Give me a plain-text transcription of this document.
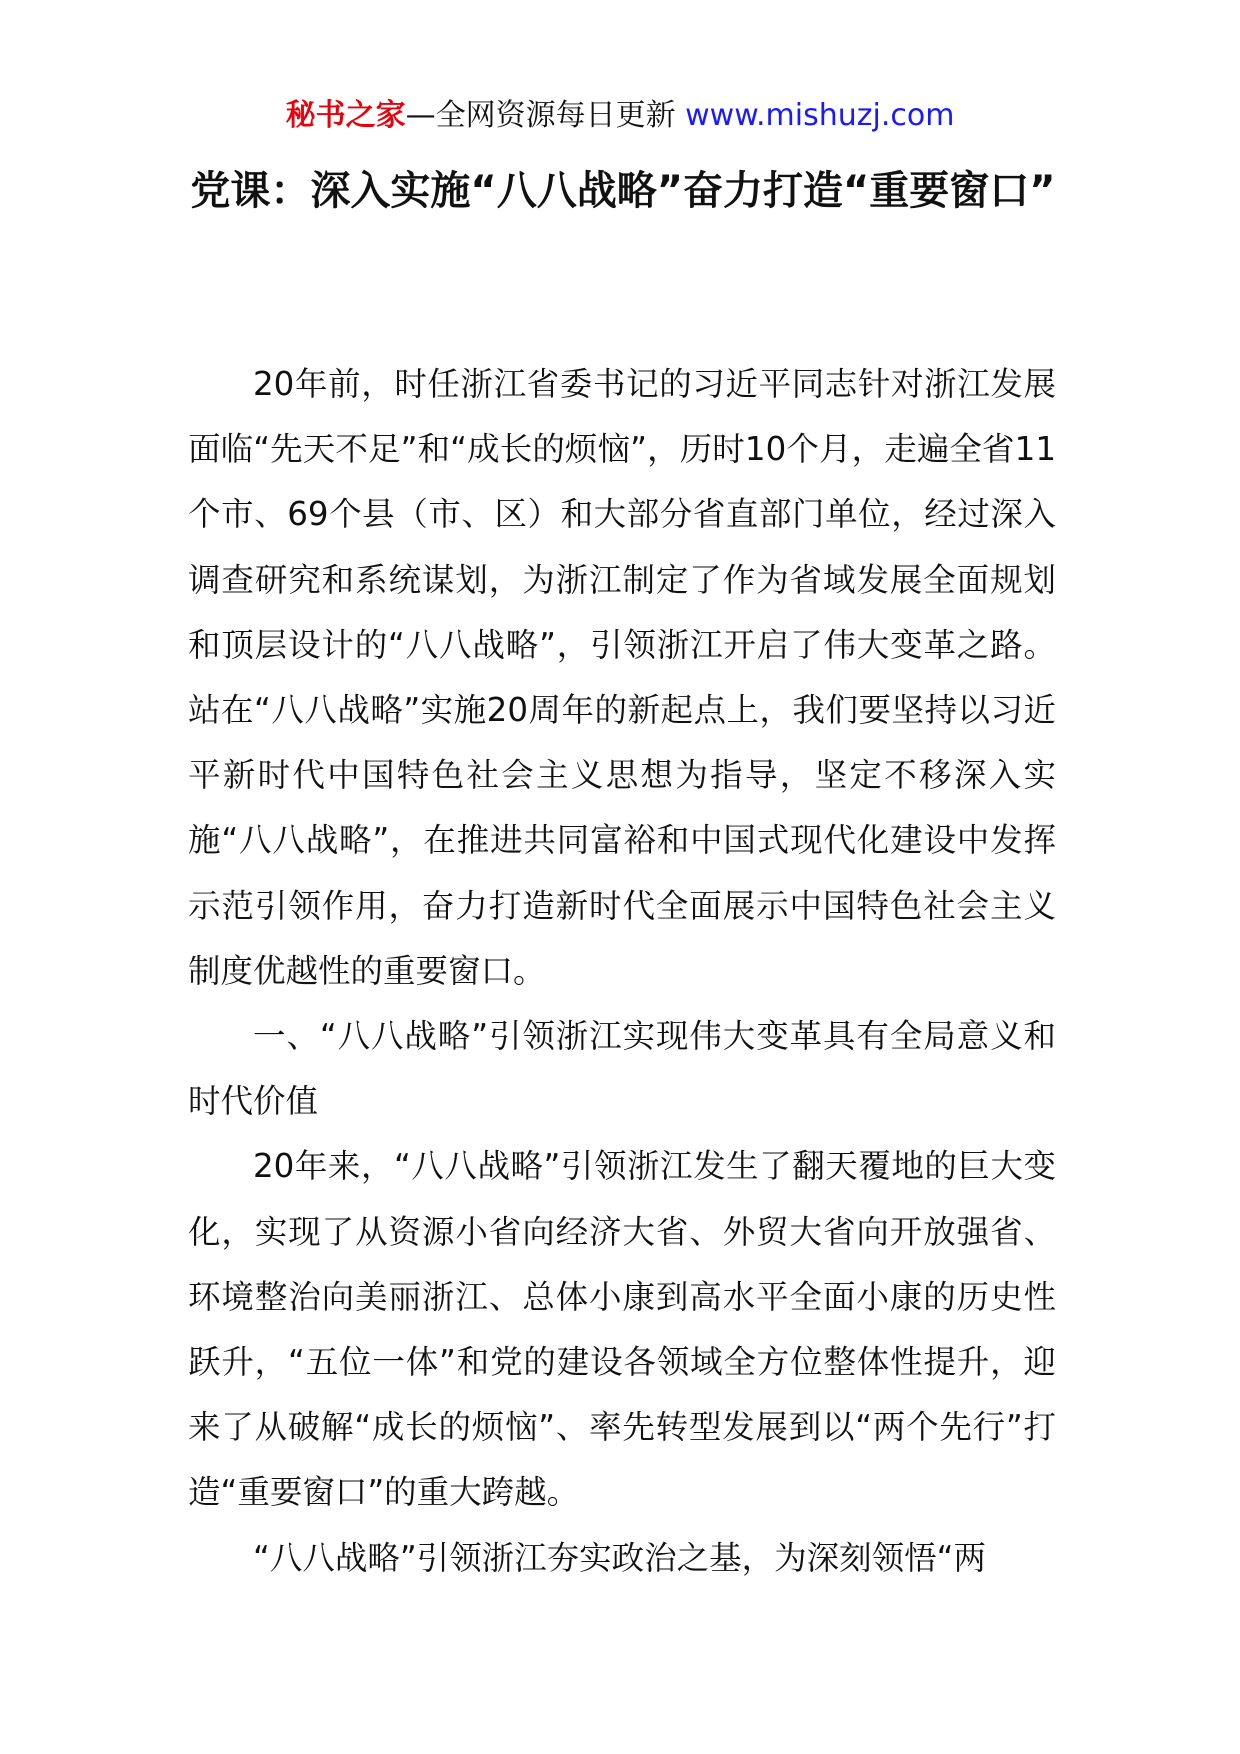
秘书之家—全网资源每日更新 www.mishuzj.com
党课：深入实施“八八战略”奋力打造“重要窗口”

20年前，时任浙江省委书记的习近平同志针对浙江发展面临“先天不足”和“成长的烦恼”，历时10个月，走遍全省11个市、69个县（市、区）和大部分省直部门单位，经过深入调查研究和系统谋划，为浙江制定了作为省域发展全面规划和顶层设计的“八八战略”，引领浙江开启了伟大变革之路。站在“八八战略”实施20周年的新起点上，我们要坚持以习近平新时代中国特色社会主义思想为指导，坚定不移深入实施“八八战略”，在推进共同富裕和中国式现代化建设中发挥示范引领作用，奋力打造新时代全面展示中国特色社会主义制度优越性的重要窗口。

一、“八八战略”引领浙江实现伟大变革具有全局意义和时代价值

20年来，“八八战略”引领浙江发生了翻天覆地的巨大变化，实现了从资源小省向经济大省、外贸大省向开放强省、环境整治向美丽浙江、总体小康到高水平全面小康的历史性跃升，“五位一体”和党的建设各领域全方位整体性提升，迎来了从破解“成长的烦恼”、率先转型发展到以“两个先行”打造“重要窗口”的重大跨越。

“八八战略”引领浙江夯实政治之基，为深刻领悟“两
